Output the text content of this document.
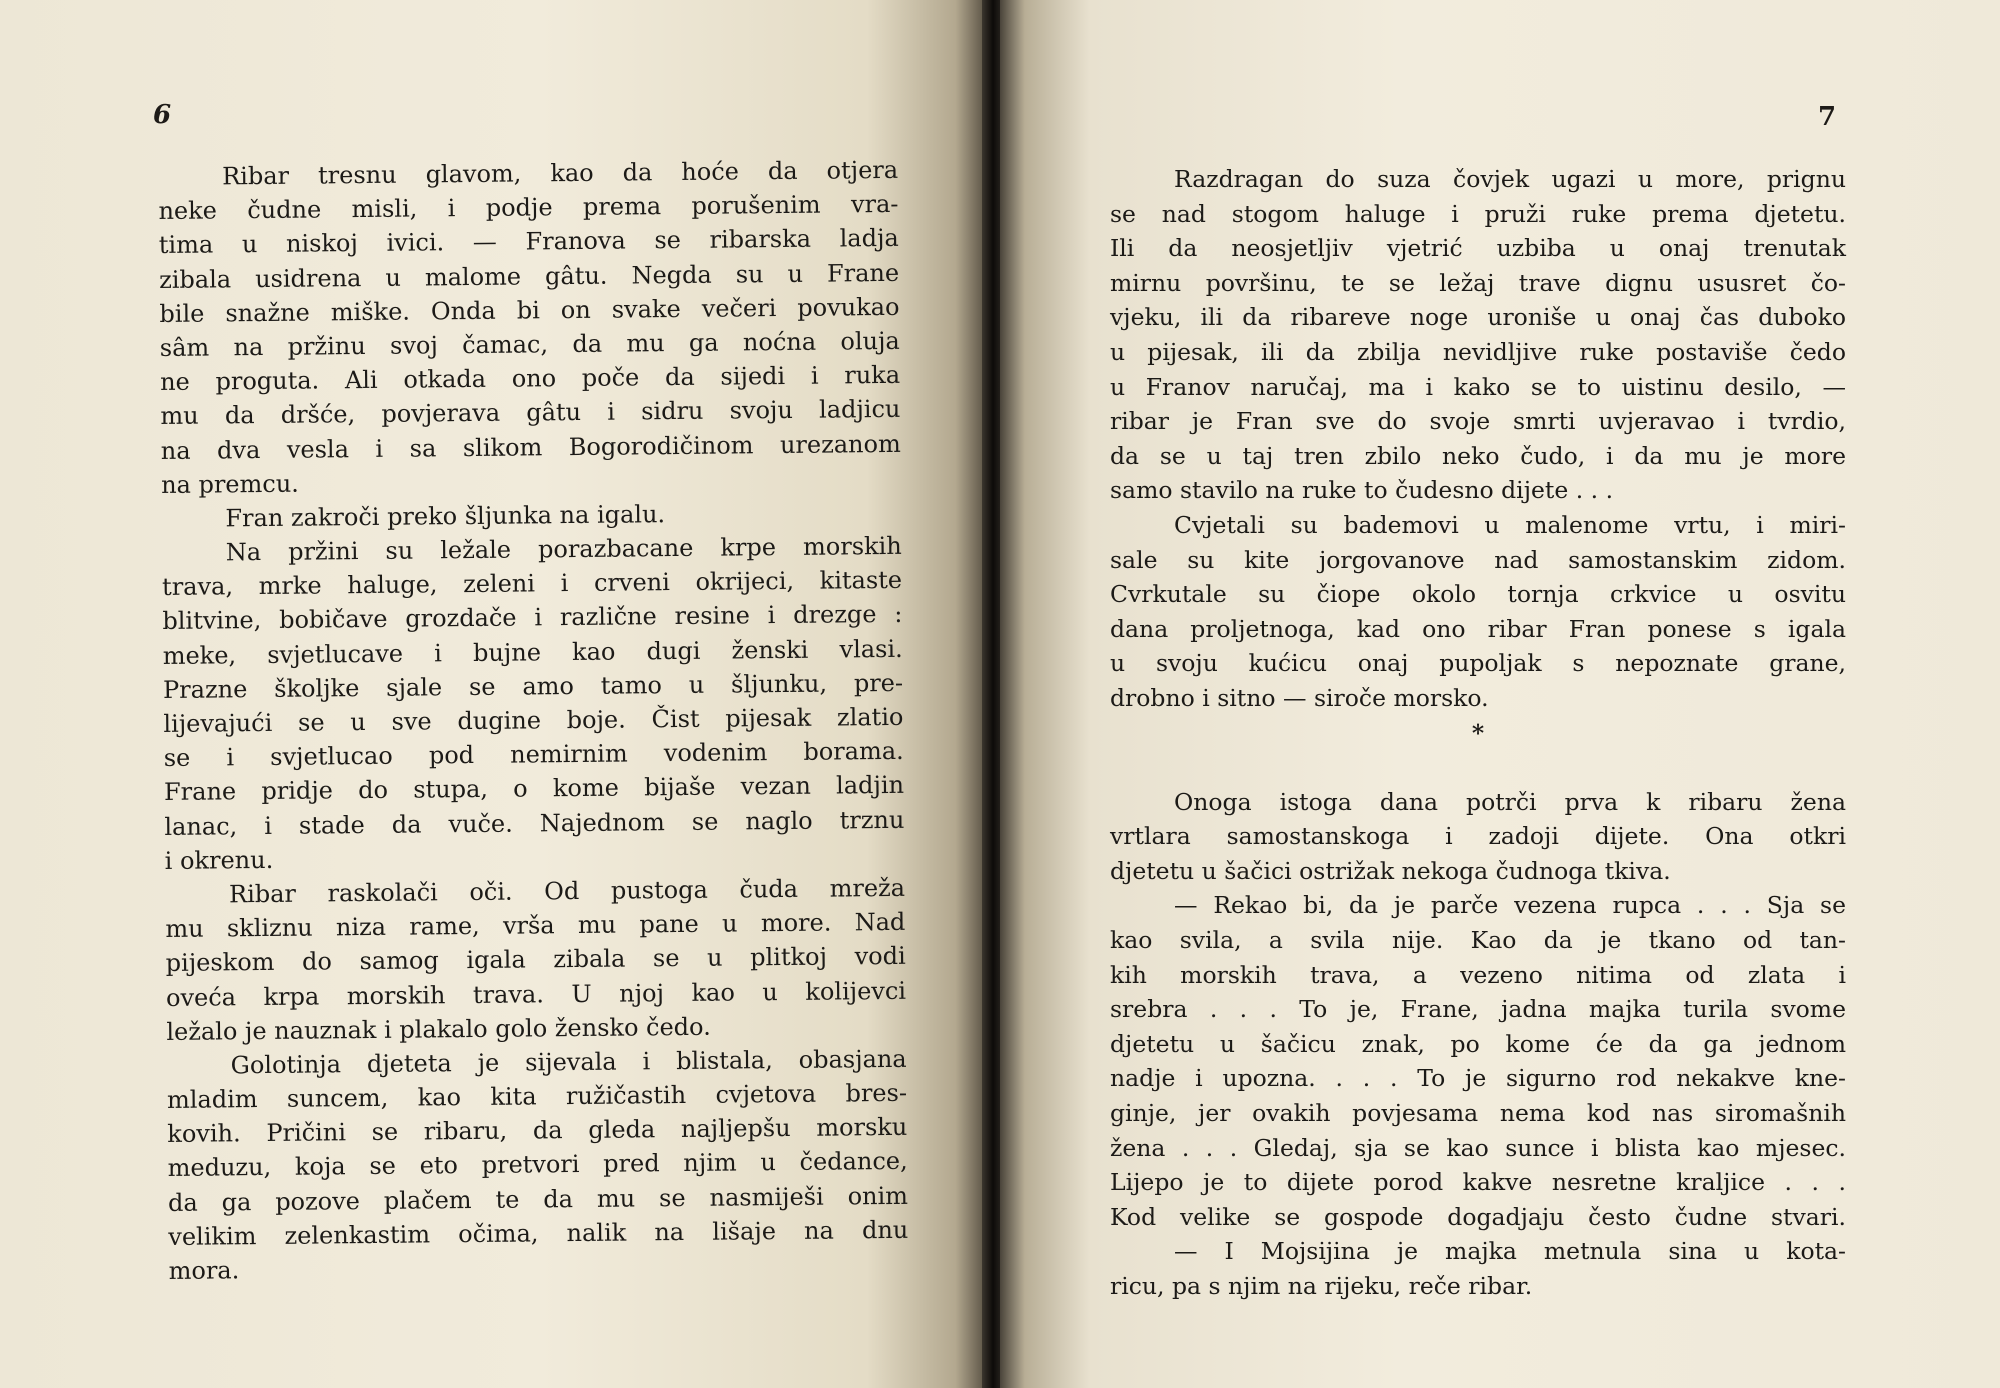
6
Ribar tresnu glavom, kao da hoće da otjera
neke čudne misli, i podje prema porušenim vra-
tima u niskoj ivici. — Franova se ribarska ladja
zibala usidrena u malome gâtu. Negda su u Frane
bile snažne miške. Onda bi on svake večeri povukao
sâm na pržinu svoj čamac, da mu ga noćna oluja
ne proguta. Ali otkada ono poče da sijedi i ruka
mu da dršće, povjerava gâtu i sidru svoju ladjicu
na dva vesla i sa slikom Bogorodičinom urezanom
na premcu.
Fran zakroči preko šljunka na igalu.
Na pržini su ležale porazbacane krpe morskih
trava, mrke haluge, zeleni i crveni okrijeci, kitaste
blitvine, bobičave grozdače i različne resine i drezge :
meke, svjetlucave i bujne kao dugi ženski vlasi.
Prazne školjke sjale se amo tamo u šljunku, pre-
lijevajući se u sve dugine boje. Čist pijesak zlatio
se i svjetlucao pod nemirnim vodenim borama.
Frane pridje do stupa, o kome bijaše vezan ladjin
lanac, i stade da vuče. Najednom se naglo trznu
i okrenu.
Ribar raskolači oči. Od pustoga čuda mreža
mu skliznu niza rame, vrša mu pane u more. Nad
pijeskom do samog igala zibala se u plitkoj vodi
oveća krpa morskih trava. U njoj kao u kolijevci
ležalo je nauznak i plakalo golo žensko čedo.
Golotinja djeteta je sijevala i blistala, obasjana
mladim suncem, kao kita ružičastih cvjetova bres-
kovih. Pričini se ribaru, da gleda najljepšu morsku
meduzu, koja se eto pretvori pred njim u čedance,
da ga pozove plačem te da mu se nasmiješi onim
velikim zelenkastim očima, nalik na lišaje na dnu
mora.
7
Razdragan do suza čovjek ugazi u more, prignu
se nad stogom haluge i pruži ruke prema djetetu.
Ili da neosjetljiv vjetrić uzbiba u onaj trenutak
mirnu površinu, te se ležaj trave dignu ususret čo-
vjeku, ili da ribareve noge uroniše u onaj čas duboko
u pijesak, ili da zbilja nevidljive ruke postaviše čedo
u Franov naručaj, ma i kako se to uistinu desilo, —
ribar je Fran sve do svoje smrti uvjeravao i tvrdio,
da se u taj tren zbilo neko čudo, i da mu je more
samo stavilo na ruke to čudesno dijete . . .
Cvjetali su bademovi u malenome vrtu, i miri-
sale su kite jorgovanove nad samostanskim zidom.
Cvrkutale su čiope okolo tornja crkvice u osvitu
dana proljetnoga, kad ono ribar Fran ponese s igala
u svoju kućicu onaj pupoljak s nepoznate grane,
drobno i sitno — siroče morsko.
*
Onoga istoga dana potrči prva k ribaru žena
vrtlara samostanskoga i zadoji dijete. Ona otkri
djetetu u šačici ostrižak nekoga čudnoga tkiva.
— Rekao bi, da je parče vezena rupca . . . Sja se
kao svila, a svila nije. Kao da je tkano od tan-
kih morskih trava, a vezeno nitima od zlata i
srebra . . . To je, Frane, jadna majka turila svome
djetetu u šačicu znak, po kome će da ga jednom
nadje i upozna. . . . To je sigurno rod nekakve kne-
ginje, jer ovakih povjesama nema kod nas siromašnih
žena . . . Gledaj, sja se kao sunce i blista kao mjesec.
Lijepo je to dijete porod kakve nesretne kraljice . . .
Kod velike se gospode dogadjaju često čudne stvari.
— I Mojsijina je majka metnula sina u kota-
ricu, pa s njim na rijeku, reče ribar.
